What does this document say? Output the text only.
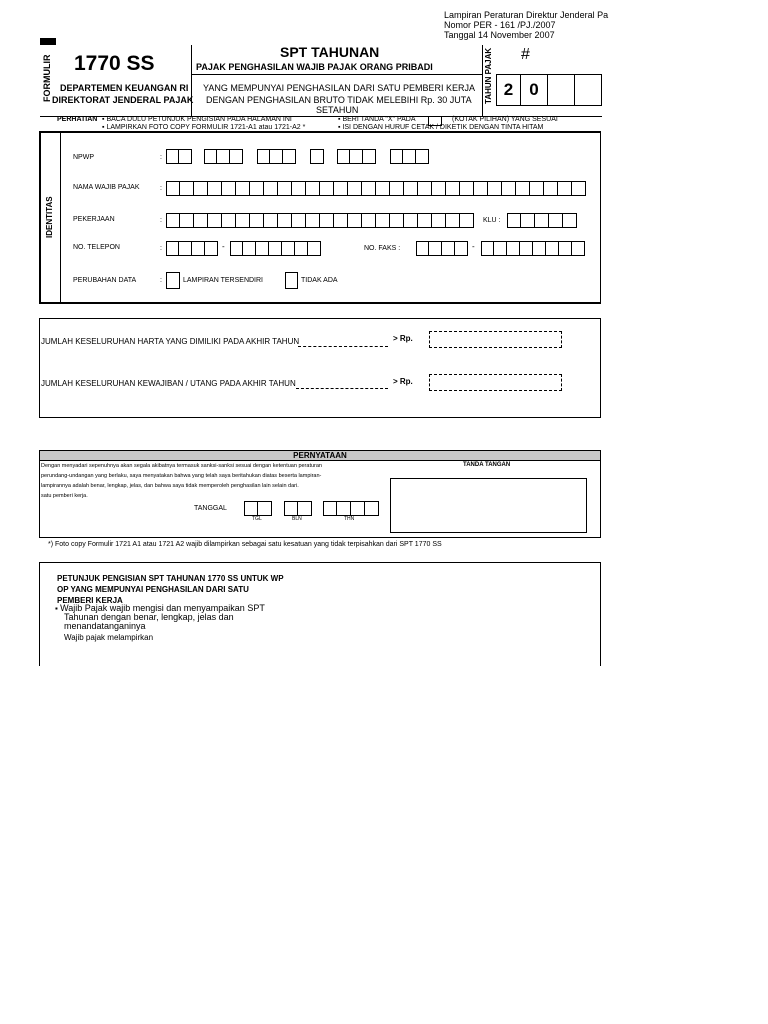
Lampiran Peraturan Direktur Jenderal Pa
Nomor PER - 161 /PJ./2007
Tanggal 14 November 2007
FORMULIR 1770 SS
DEPARTEMEN KEUANGAN RI
DIREKTORAT JENDERAL PAJAK
SPT TAHUNAN
PAJAK PENGHASILAN WAJIB PAJAK ORANG PRIBADI
YANG MEMPUNYAI PENGHASILAN DARI SATU PEMBERI KERJA
DENGAN PENGHASILAN BRUTO TIDAK MELEBIHI Rp. 30 JUTA
SETAHUN
TAHUN PAJAK #
2 0
PERHATIAN ▪ BACA DULU PETUNJUK PENGISIAN PADA HALAMAN INI
▪ LAMPIRKAN FOTO COPY FORMULIR 1721-A1 atau 1721-A2 *
▪ BERI TANDA "X" PADA	(KOTAK PILIHAN) YANG SESUAI
▪ ISI DENGAN HURUF CETAK / DIKETIK DENGAN TINTA HITAM
IDENTITAS
NPWP	:
NAMA WAJIB PAJAK	:
PEKERJAAN	:	KLU :
NO. TELEPON	:	-	NO. FAKS :	-
PERUBAHAN DATA	:	LAMPIRAN TERSENDIRI	TIDAK ADA
JUMLAH KESELURUHAN HARTA YANG DIMILIKI PADA AKHIR TAHUN	> Rp.
JUMLAH KESELURUHAN KEWAJIBAN / UTANG PADA AKHIR TAHUN	> Rp.
PERNYATAAN
Dengan menyadari sepenuhnya akan segala akibatnya termasuk sanksi-sanksi sesuai dengan ketentuan peraturan
perundang-undangan yang berlaku, saya menyatakan bahwa yang telah saya beritahukan diatas beserta lampiran-
lampirannya adalah benar, lengkap, jelas, dan bahwa saya tidak memperoleh penghasilan lain selain dari.
satu pemberi kerja.
TANDA TANGAN
TANGGAL
TGL	BLN	THN
*) Foto copy Formulir 1721 A1 atau 1721 A2 wajib dilampirkan sebagai satu kesatuan yang tidak terpisahkan dari SPT 1770 SS
PETUNJUK PENGISIAN SPT TAHUNAN 1770 SS UNTUK WP
OP YANG MEMPUNYAI PENGHASILAN DARI SATU
PEMBERI KERJA
▪ Wajib Pajak wajib mengisi dan menyampaikan SPT
Tahunan dengan benar, lengkap, jelas dan
menandatanganinya
Wajib pajak melampirkan
